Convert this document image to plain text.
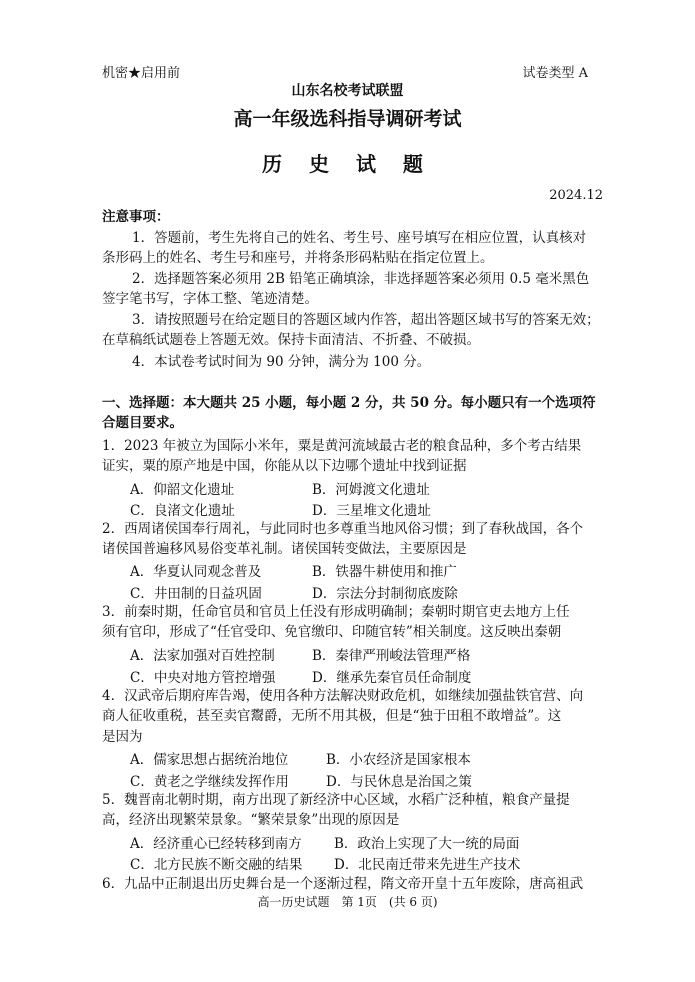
机密★启用前	试卷类型 A
山东名校考试联盟
高一年级选科指导调研考试
历 史 试 题
2024.12
注意事项：
1．答题前，考生先将自己的姓名、考生号、座号填写在相应位置，认真核对
条形码上的姓名、考生号和座号，并将条形码粘贴在指定位置上。
2．选择题答案必须用 2B 铅笔正确填涂，非选择题答案必须用 0.5 毫米黑色
签字笔书写，字体工整、笔迹清楚。
3．请按照题号在给定题目的答题区域内作答，超出答题区域书写的答案无效；
在草稿纸试题卷上答题无效。保持卡面清洁、不折叠、不破损。
4．本试卷考试时间为 90 分钟，满分为 100 分。
一、选择题：本大题共 25 小题，每小题 2 分，共 50 分。每小题只有一个选项符
合题目要求。
1．2023 年被立为国际小米年，粟是黄河流域最古老的粮食品种，多个考古结果
证实，粟的原产地是中国，你能从以下边哪个遗址中找到证据
A．仰韶文化遗址	B．河姆渡文化遗址
C．良渚文化遗址	D．三星堆文化遗址
2．西周诸侯国奉行周礼，与此同时也多尊重当地风俗习惯；到了春秋战国，各个
诸侯国普遍移风易俗变革礼制。诸侯国转变做法，主要原因是
A．华夏认同观念普及	B．铁器牛耕使用和推广
C．井田制的日益巩固	D．宗法分封制彻底废除
3．前秦时期，任命官员和官员上任没有形成明确制；秦朝时期官吏去地方上任
须有官印，形成了“任官受印、免官缴印、印随官转”相关制度。这反映出秦朝
A．法家加强对百姓控制	B．秦律严刑峻法管理严格
C．中央对地方管控增强	D．继承先秦官员任命制度
4．汉武帝后期府库告竭，使用各种方法解决财政危机，如继续加强盐铁官营、向
商人征收重税，甚至卖官鬻爵，无所不用其极，但是“独于田租不敢增益”。这
是因为
A．儒家思想占据统治地位	B．小农经济是国家根本
C．黄老之学继续发挥作用	D．与民休息是治国之策
5．魏晋南北朝时期，南方出现了新经济中心区域，水稻广泛种植，粮食产量提
高，经济出现繁荣景象。“繁荣景象”出现的原因是
A．经济重心已经转移到南方 B．政治上实现了大一统的局面
C．北方民族不断交融的结果 D．北民南迁带来先进生产技术
6．九品中正制退出历史舞台是一个逐渐过程，隋文帝开皇十五年废除，唐高祖武
高一历史试题　第 1页　(共 6 页)
